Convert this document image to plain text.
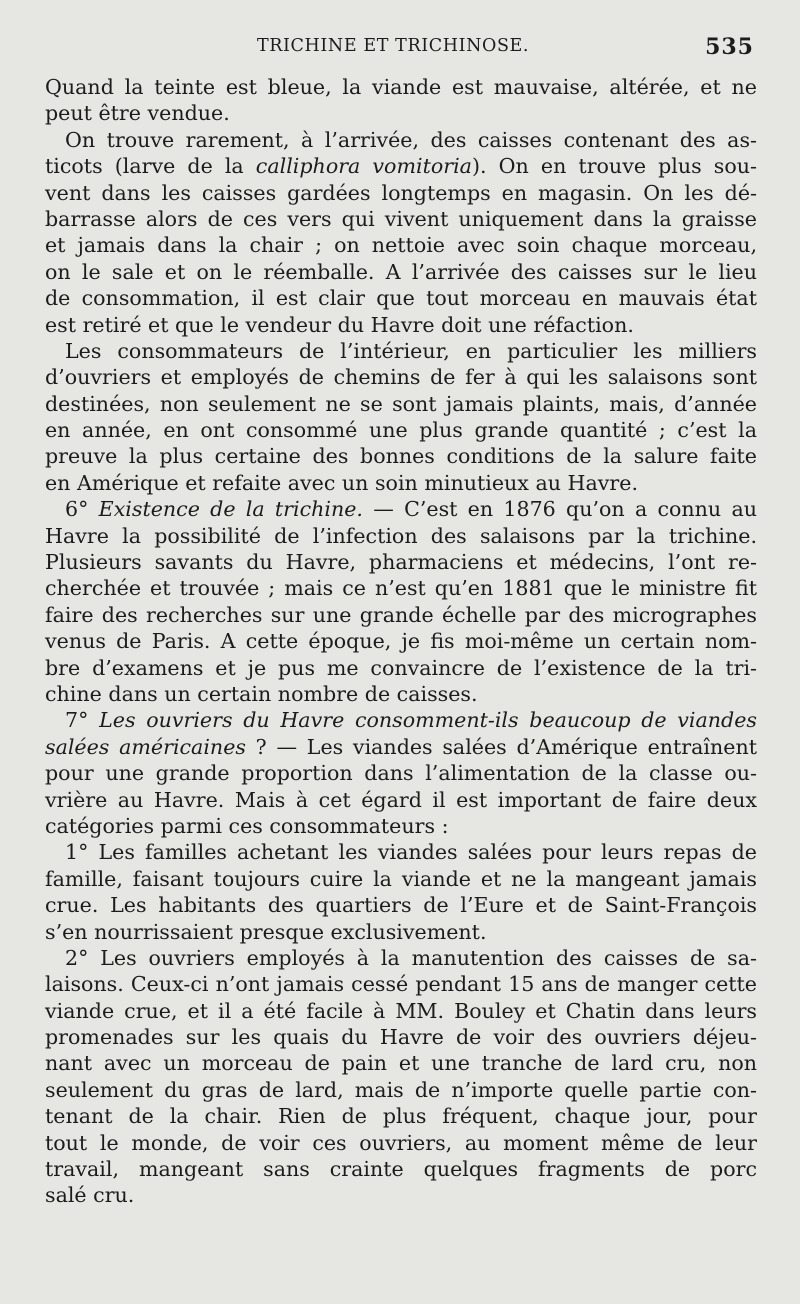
TRICHINE ET TRICHINOSE.	535
Quand la teinte est bleue, la viande est mauvaise, altérée, et ne
peut être vendue.
On trouve rarement, à l’arrivée, des caisses contenant des as-
ticots (larve de la calliphora vomitoria). On en trouve plus sou-
vent dans les caisses gardées longtemps en magasin. On les dé-
barrasse alors de ces vers qui vivent uniquement dans la graisse
et jamais dans la chair ; on nettoie avec soin chaque morceau,
on le sale et on le réemballe. A l’arrivée des caisses sur le lieu
de consommation, il est clair que tout morceau en mauvais état
est retiré et que le vendeur du Havre doit une réfaction.
Les consommateurs de l’intérieur, en particulier les milliers
d’ouvriers et employés de chemins de fer à qui les salaisons sont
destinées, non seulement ne se sont jamais plaints, mais, d’année
en année, en ont consommé une plus grande quantité ; c’est la
preuve la plus certaine des bonnes conditions de la salure faite
en Amérique et refaite avec un soin minutieux au Havre.
6° Existence de la trichine. — C’est en 1876 qu’on a connu au
Havre la possibilité de l’infection des salaisons par la trichine.
Plusieurs savants du Havre, pharmaciens et médecins, l’ont re-
cherchée et trouvée ; mais ce n’est qu’en 1881 que le ministre fit
faire des recherches sur une grande échelle par des micrographes
venus de Paris. A cette époque, je fis moi-même un certain nom-
bre d’examens et je pus me convaincre de l’existence de la tri-
chine dans un certain nombre de caisses.
7° Les ouvriers du Havre consomment-ils beaucoup de viandes
salées américaines ? — Les viandes salées d’Amérique entraînent
pour une grande proportion dans l’alimentation de la classe ou-
vrière au Havre. Mais à cet égard il est important de faire deux
catégories parmi ces consommateurs :
1° Les familles achetant les viandes salées pour leurs repas de
famille, faisant toujours cuire la viande et ne la mangeant jamais
crue. Les habitants des quartiers de l’Eure et de Saint-François
s’en nourrissaient presque exclusivement.
2° Les ouvriers employés à la manutention des caisses de sa-
laisons. Ceux-ci n’ont jamais cessé pendant 15 ans de manger cette
viande crue, et il a été facile à MM. Bouley et Chatin dans leurs
promenades sur les quais du Havre de voir des ouvriers déjeu-
nant avec un morceau de pain et une tranche de lard cru, non
seulement du gras de lard, mais de n’importe quelle partie con-
tenant de la chair. Rien de plus fréquent, chaque jour, pour
tout le monde, de voir ces ouvriers, au moment même de leur
travail, mangeant sans crainte quelques fragments de porc
salé cru.
